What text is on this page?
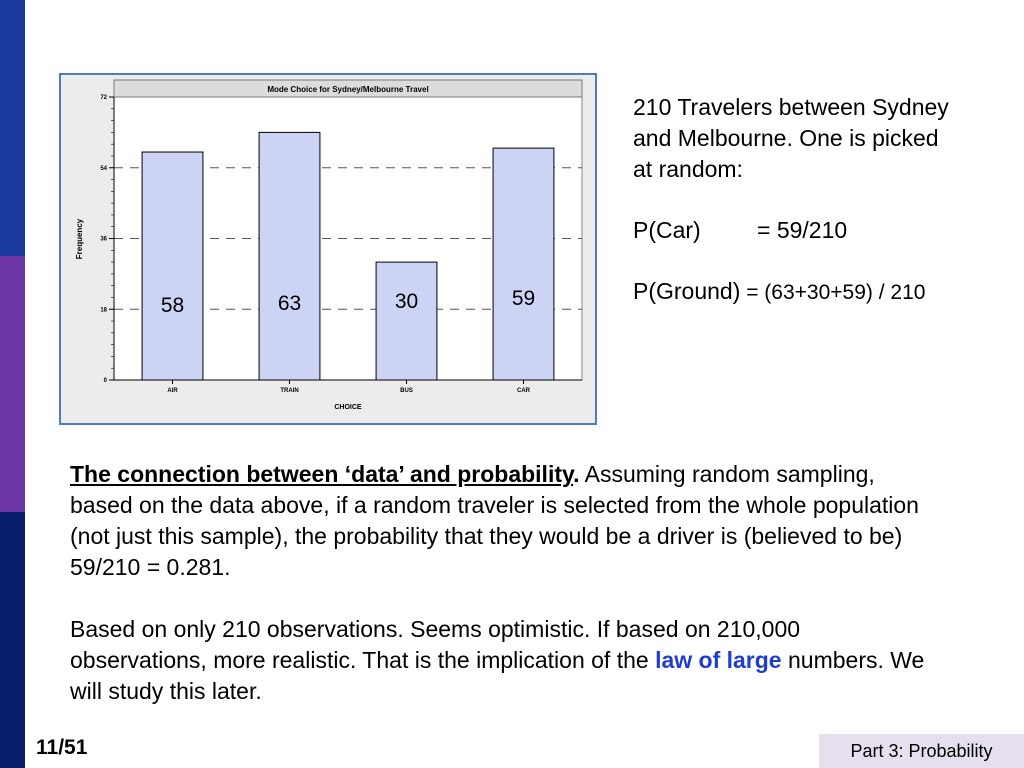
Mode Choice for Sydney/Melbourne Travel
58	63	30	59
0
18
36
54
72
AIR	TRAIN	BUS	CAR
CHOICE
Frequency

210 Travelers between Sydney

and Melbourne. One is picked

at random:

P(Car) = 59/210

P(Ground) = (63+30+59) / 210

The connection between ‘data’ and probability. Assuming random sampling, based on the data above, if a random traveler is selected from the whole population (not just this sample), the probability that they would be a driver is (believed to be) 59/210 = 0.281.

Based on only 210 observations. Seems optimistic. If based on 210,000 observations, more realistic. That is the implication of the law of large numbers. We will study this later.

11/51	Part 3: Probability
